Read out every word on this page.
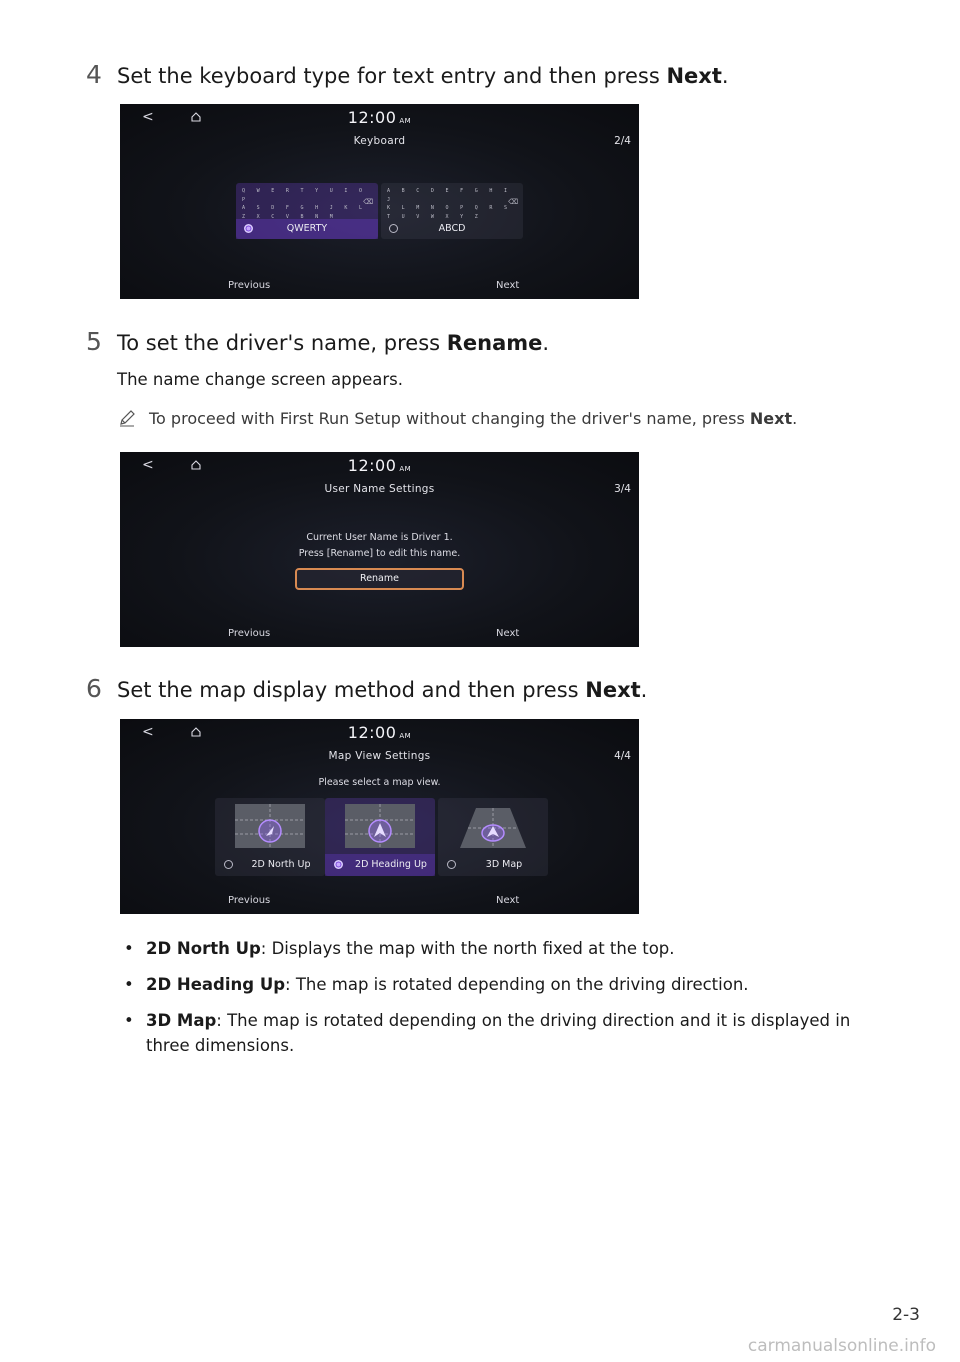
4 Set the keyboard type for text entry and then press Next.
<	12:00 AM
Keyboard	2/4
Q W E R T Y U I O P
A S D F G H J K L
Z X C V B N M
⌫
QWERTY
A B C D E F G H I J
K L M N O P Q R S
T U V W X Y Z
⌫
ABCD
Previous	Next
5 To set the driver's name, press Rename.
The name change screen appears.
To proceed with First Run Setup without changing the driver's name, press Next.
<	12:00 AM
User Name Settings	3/4
Current User Name is Driver 1.
Press [Rename] to edit this name.
Rename
Previous	Next
6 Set the map display method and then press Next.
<	12:00 AM
Map View Settings	4/4
Please select a map view.
2D North Up	2D Heading Up	3D Map
Previous	Next
• 2D North Up: Displays the map with the north fixed at the top.
• 2D Heading Up: The map is rotated depending on the driving direction.
• 3D Map: The map is rotated depending on the driving direction and it is displayed in three dimensions.
2-3
carmanualsonline.info
